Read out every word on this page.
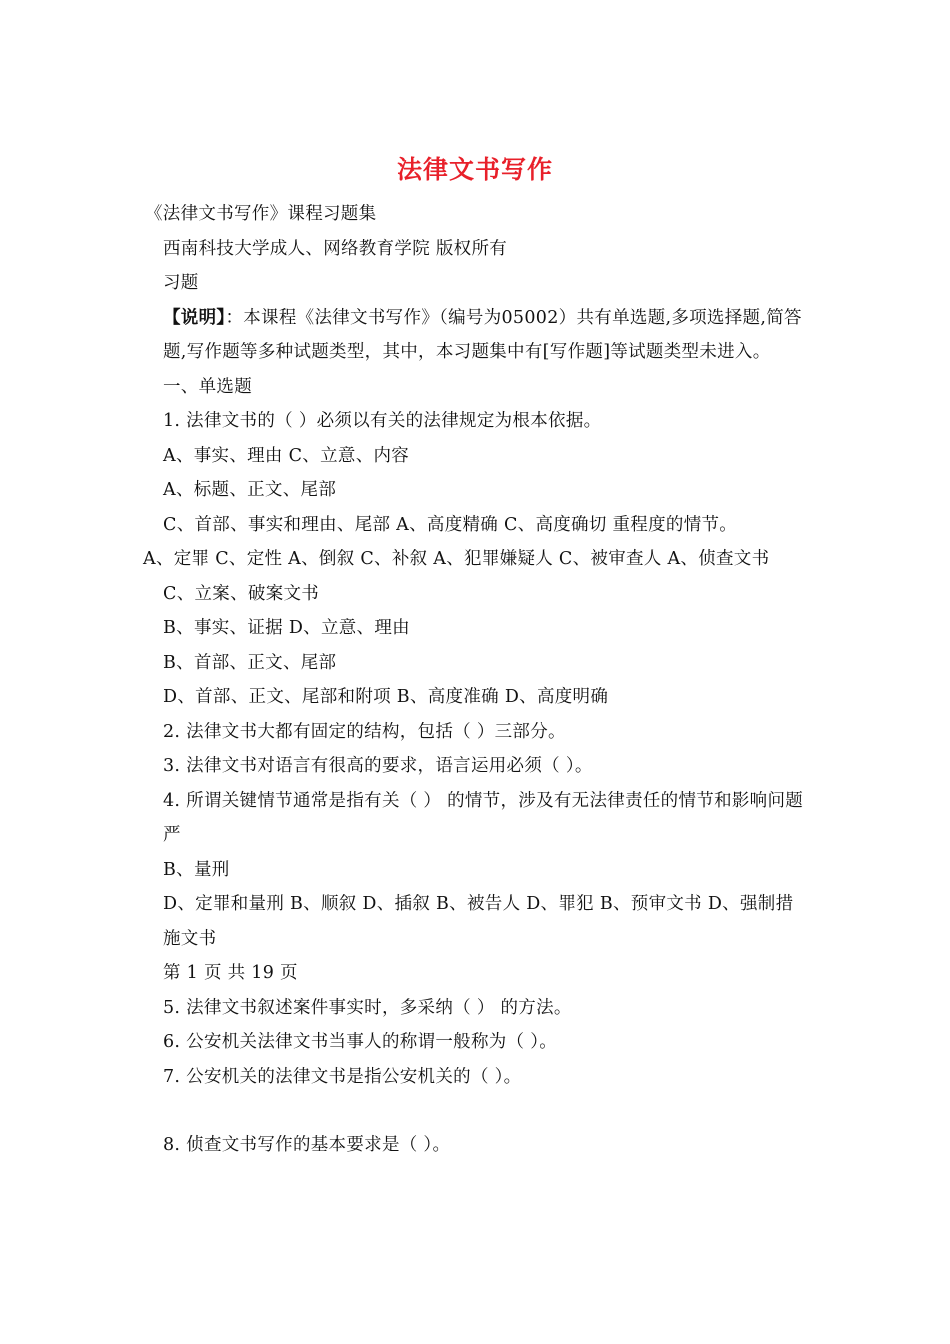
法律文书写作
《法律文书写作》课程习题集
西南科技大学成人、网络教育学院 版权所有
习题
【说明】：本课程《法律文书写作》（编号为05002）共有单选题,多项选择题,简答题,写作题等多种试题类型，其中，本习题集中有[写作题]等试题类型未进入。
一、单选题
1. 法律文书的（ ）必须以有关的法律规定为根本依据。
A、事实、理由 C、立意、内容
A、标题、正文、尾部
C、首部、事实和理由、尾部 A、高度精确 C、高度确切 重程度的情节。
A、定罪 C、定性 A、倒叙 C、补叙 A、犯罪嫌疑人 C、被审查人 A、侦查文书
C、立案、破案文书
B、事实、证据 D、立意、理由
B、首部、正文、尾部
D、首部、正文、尾部和附项 B、高度准确 D、高度明确
2. 法律文书大都有固定的结构，包括（ ）三部分。
3. 法律文书对语言有很高的要求，语言运用必须（ ）。
4. 所谓关键情节通常是指有关（ ） 的情节，涉及有无法律责任的情节和影响问题严
B、量刑
D、定罪和量刑 B、顺叙 D、插叙 B、被告人 D、罪犯 B、预审文书 D、强制措施文书
第 1 页 共 19 页
5. 法律文书叙述案件事实时，多采纳（ ） 的方法。
6. 公安机关法律文书当事人的称谓一般称为（ ）。
7. 公安机关的法律文书是指公安机关的（ ）。
8. 侦查文书写作的基本要求是（ ）。
